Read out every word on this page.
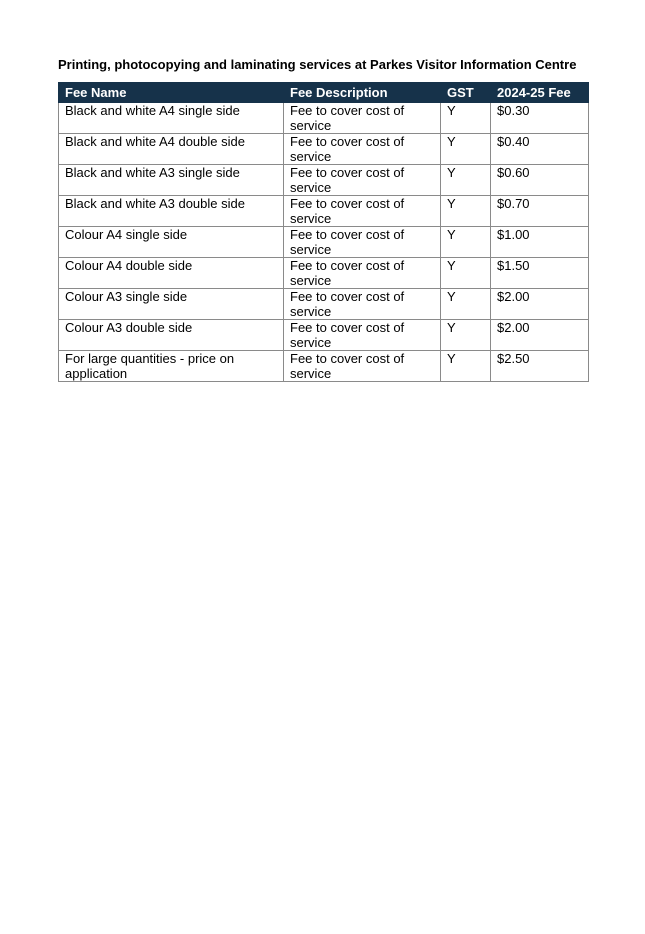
Printing, photocopying and laminating services at Parkes Visitor Information Centre
Fee Name	Fee Description	GST	2024-25 Fee
Black and white A4 single side	Fee to cover cost of service	Y	$0.30
Black and white A4 double side	Fee to cover cost of service	Y	$0.40
Black and white A3 single side	Fee to cover cost of service	Y	$0.60
Black and white A3 double side	Fee to cover cost of service	Y	$0.70
Colour A4 single side	Fee to cover cost of service	Y	$1.00
Colour A4 double side	Fee to cover cost of service	Y	$1.50
Colour A3 single side	Fee to cover cost of service	Y	$2.00
Colour A3 double side	Fee to cover cost of service	Y	$2.00
For large quantities - price on application	Fee to cover cost of service	Y	$2.50
